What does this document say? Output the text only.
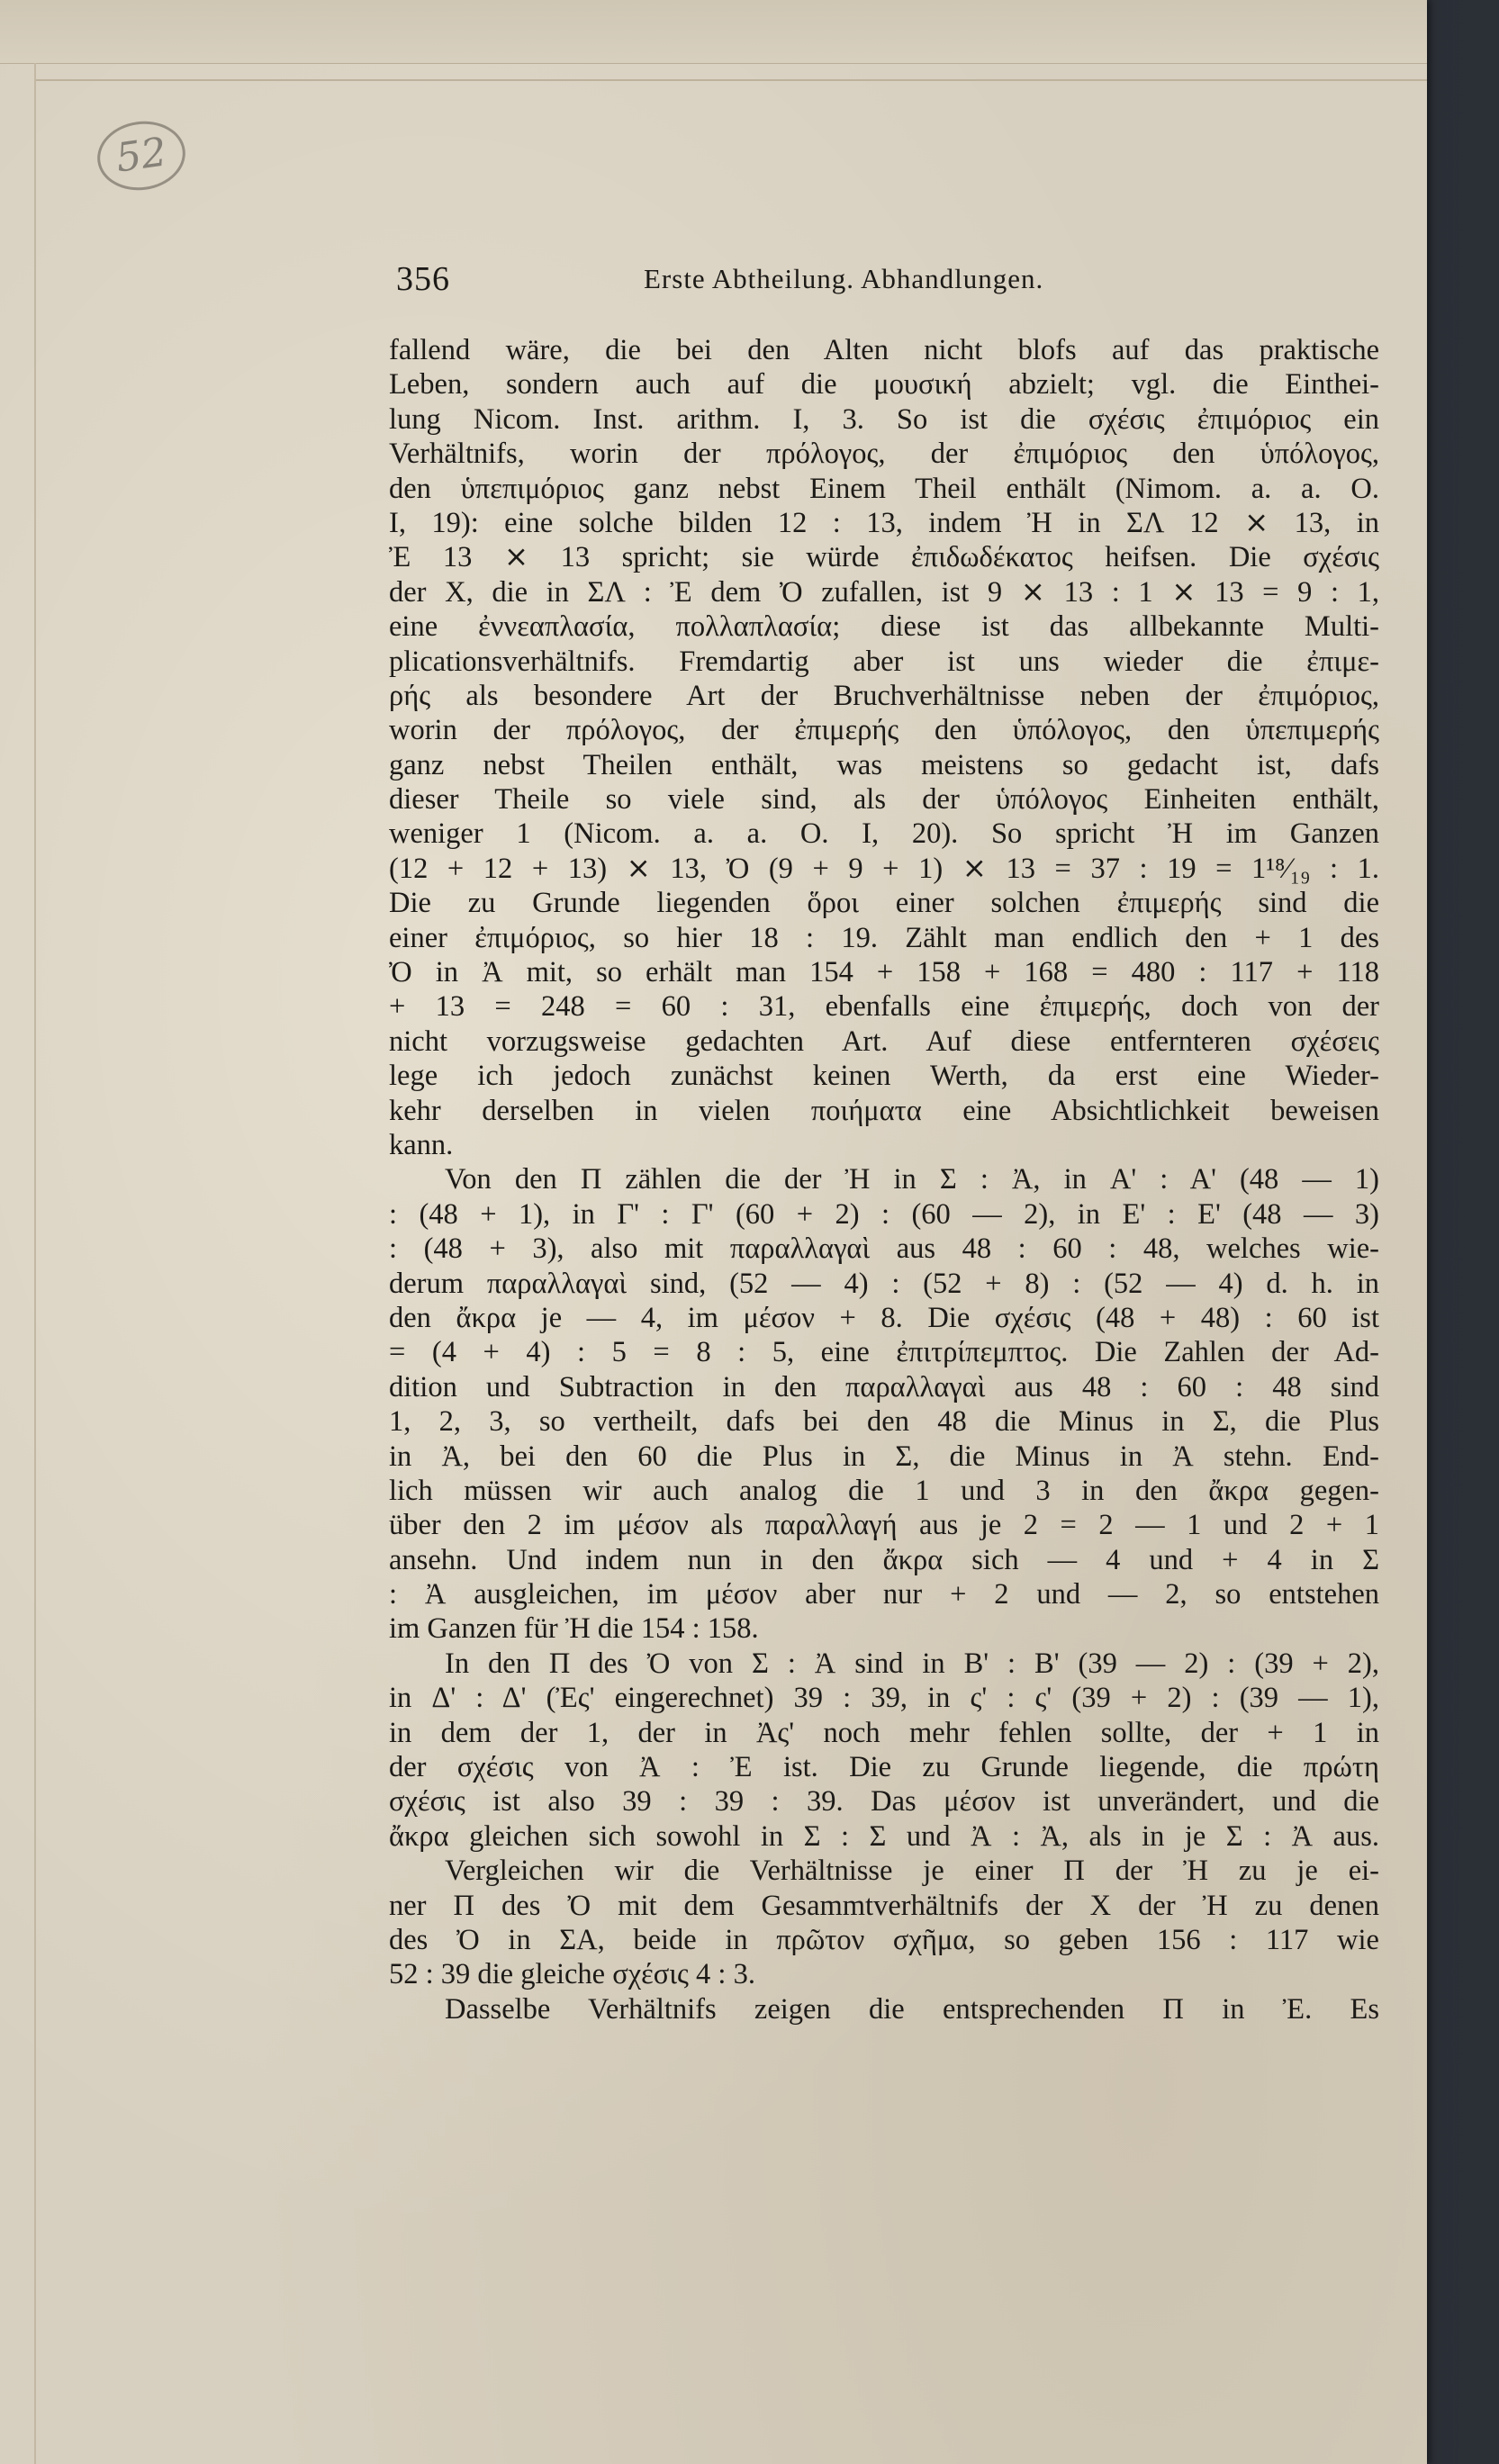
52
356	Erste Abtheilung. Abhandlungen.
fallend wäre, die bei den Alten nicht blofs auf das praktische
Leben, sondern auch auf die μουσική abzielt; vgl. die Einthei-
lung Nicom. Inst. arithm. I, 3. So ist die σχέσις ἐπιμόριος ein
Verhältnifs, worin der πρόλογος, der ἐπιμόριος den ὑπόλογος,
den ὑπεπιμόριος ganz nebst Einem Theil enthält (Nimom. a. a. O.
I, 19): eine solche bilden 12 : 13, indem Ἠ in ΣΛ 12 ⨯ 13, in
Ἐ 13 ⨯ 13 spricht; sie würde ἐπιδωδέκατος heifsen. Die σχέσις
der X, die in ΣΛ : Ἐ dem Ὀ zufallen, ist 9 ⨯ 13 : 1 ⨯ 13 = 9 : 1,
eine ἐννεαπλασία, πολλαπλασία; diese ist das allbekannte Multi-
plicationsverhältnifs. Fremdartig aber ist uns wieder die ἐπιμε-
ρής als besondere Art der Bruchverhältnisse neben der ἐπιμόριος,
worin der πρόλογος, der ἐπιμερής den ὑπόλογος, den ὑπεπιμερής
ganz nebst Theilen enthält, was meistens so gedacht ist, dafs
dieser Theile so viele sind, als der ὑπόλογος Einheiten enthält,
weniger 1 (Nicom. a. a. O. I, 20). So spricht Ἠ im Ganzen
(12 + 12 + 13) ⨯ 13, Ὀ (9 + 9 + 1) ⨯ 13 = 37 : 19 = 1¹⁸⁄₁₉ : 1.
Die zu Grunde liegenden ὅροι einer solchen ἐπιμερής sind die
einer ἐπιμόριος, so hier 18 : 19. Zählt man endlich den + 1 des
Ὀ in Ἀ mit, so erhält man 154 + 158 + 168 = 480 : 117 + 118
+ 13 = 248 = 60 : 31, ebenfalls eine ἐπιμερής, doch von der
nicht vorzugsweise gedachten Art. Auf diese entfernteren σχέσεις
lege ich jedoch zunächst keinen Werth, da erst eine Wieder-
kehr derselben in vielen ποιήματα eine Absichtlichkeit beweisen
kann.
Von den Π zählen die der Ἠ in Σ : Ἀ, in Α' : Α' (48 — 1)
: (48 + 1), in Γ' : Γ' (60 + 2) : (60 — 2), in Ε' : Ε' (48 — 3)
: (48 + 3), also mit παραλλαγαὶ aus 48 : 60 : 48, welches wie-
derum παραλλαγαὶ sind, (52 — 4) : (52 + 8) : (52 — 4) d. h. in
den ἄκρα je — 4, im μέσον + 8. Die σχέσις (48 + 48) : 60 ist
= (4 + 4) : 5 = 8 : 5, eine ἐπιτρίπεμπτος. Die Zahlen der Ad-
dition und Subtraction in den παραλλαγαὶ aus 48 : 60 : 48 sind
1, 2, 3, so vertheilt, dafs bei den 48 die Minus in Σ, die Plus
in Ἀ, bei den 60 die Plus in Σ, die Minus in Ἀ stehn. End-
lich müssen wir auch analog die 1 und 3 in den ἄκρα gegen-
über den 2 im μέσον als παραλλαγή aus je 2 = 2 — 1 und 2 + 1
ansehn. Und indem nun in den ἄκρα sich — 4 und + 4 in Σ
: Ἀ ausgleichen, im μέσον aber nur + 2 und — 2, so entstehen
im Ganzen für Ἠ die 154 : 158.
In den Π des Ὀ von Σ : Ἀ sind in Β' : Β' (39 — 2) : (39 + 2),
in Δ' : Δ' (Ἐς' eingerechnet) 39 : 39, in ς' : ς' (39 + 2) : (39 — 1),
in dem der 1, der in Ἀς' noch mehr fehlen sollte, der + 1 in
der σχέσις von Ἀ : Ἐ ist. Die zu Grunde liegende, die πρώτη
σχέσις ist also 39 : 39 : 39. Das μέσον ist unverändert, und die
ἄκρα gleichen sich sowohl in Σ : Σ und Ἀ : Ἀ, als in je Σ : Ἀ aus.
Vergleichen wir die Verhältnisse je einer Π der Ἠ zu je ei-
ner Π des Ὀ mit dem Gesammtverhältnifs der X der Ἠ zu denen
des Ὀ in ΣΑ, beide in πρῶτον σχῆμα, so geben 156 : 117 wie
52 : 39 die gleiche σχέσις 4 : 3.
Dasselbe Verhältnifs zeigen die entsprechenden Π in Ἐ. Es
